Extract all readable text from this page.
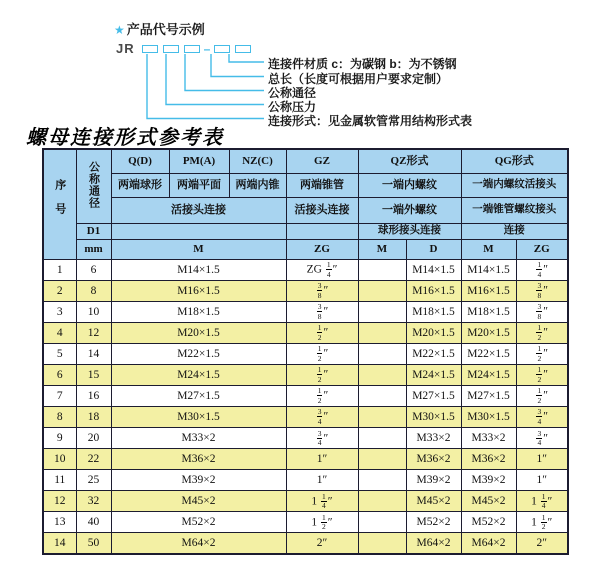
★ 产品代号示例
JR	–
连接件材质 c：为碳钢 b：为不锈钢
总长（长度可根据用户要求定制）
公称通径
公称压力
连接形式：见金属软管常用结构形式表
螺母连接形式参考表
序号	公称通径	Q(D)	PM(A)	NZ(C)	GZ	QZ形式		QG形式	
		两端球形	两端平面	两端内锥	两端锥管	一端内螺纹		一端内螺纹活接头	
		活接头连接			活接头连接	一端外螺纹		一端锥管螺纹接头	
	D1					球形接头连接		连接	
	mm	M			ZG	M	D	M	ZG
1	6	M14×1.5			ZG $\frac{1}{4}$ ″		M14×1.5	M14×1.5	$\frac{1}{4}$ ″
2	8	M16×1.5			$\frac{3}{8}$ ″		M16×1.5	M16×1.5	$\frac{3}{8}$ ″
3	10	M18×1.5			$\frac{3}{8}$ ″		M18×1.5	M18×1.5	$\frac{3}{8}$ ″
4	12	M20×1.5			$\frac{1}{2}$ ″		M20×1.5	M20×1.5	$\frac{1}{2}$ ″
5	14	M22×1.5			$\frac{1}{2}$ ″		M22×1.5	M22×1.5	$\frac{1}{2}$ ″
6	15	M24×1.5			$\frac{1}{2}$ ″		M24×1.5	M24×1.5	$\frac{1}{2}$ ″
7	16	M27×1.5			$\frac{1}{2}$ ″		M27×1.5	M27×1.5	$\frac{1}{2}$ ″
8	18	M30×1.5			$\frac{3}{4}$ ″		M30×1.5	M30×1.5	$\frac{3}{4}$ ″
9	20	M33×2			$\frac{3}{4}$ ″		M33×2	M33×2	$\frac{3}{4}$ ″
10	22	M36×2			1″		M36×2	M36×2	1″
11	25	M39×2			1″		M39×2	M39×2	1″
12	32	M45×2			$1 \frac{1}{4}$ ″		M45×2	M45×2	$1 \frac{1}{4}$ ″
13	40	M52×2			$1 \frac{1}{2}$ ″		M52×2	M52×2	$1 \frac{1}{2}$ ″
14	50	M64×2			2″		M64×2	M64×2	2″
